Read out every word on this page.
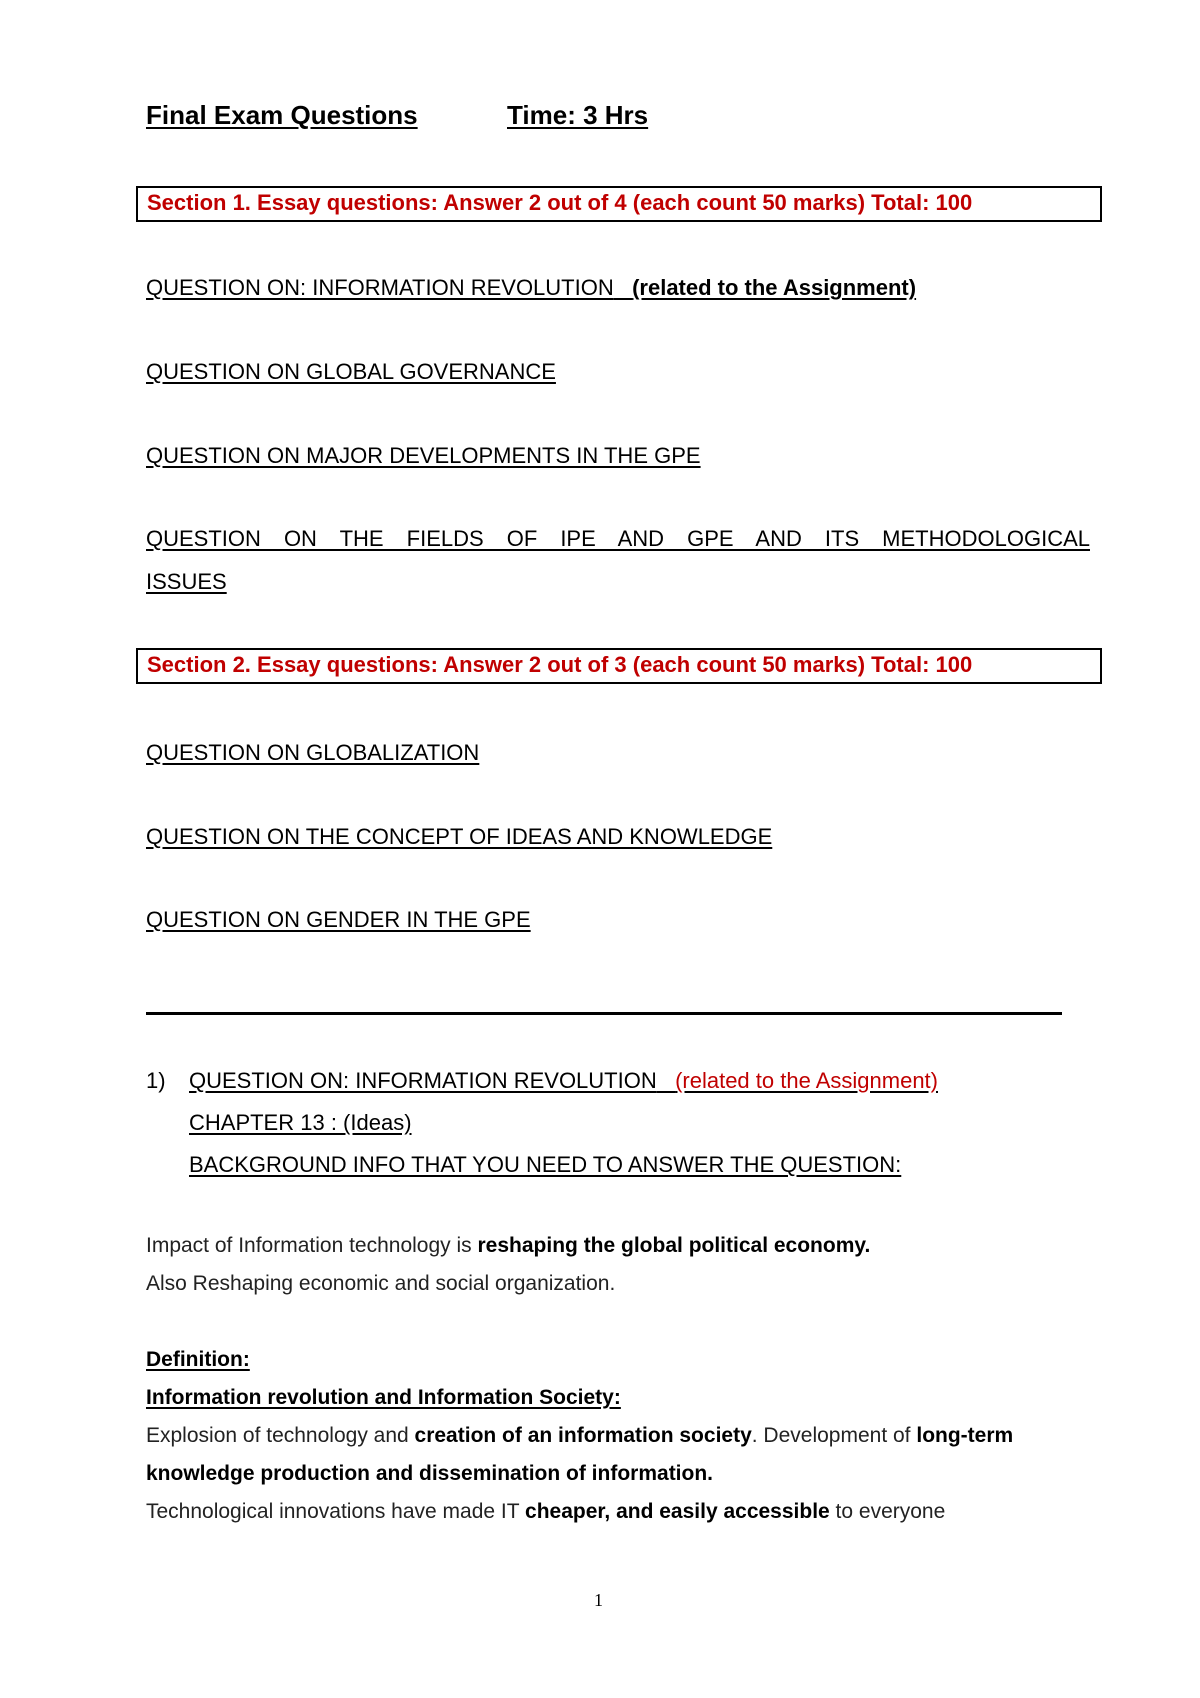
Final Exam Questions	Time: 3 Hrs
Section 1. Essay questions: Answer 2 out of 4 (each count 50 marks) Total: 100
QUESTION ON: INFORMATION REVOLUTION (related to the Assignment)
QUESTION ON GLOBAL GOVERNANCE
QUESTION ON MAJOR DEVELOPMENTS IN THE GPE
QUESTION ON THE FIELDS OF IPE AND GPE AND ITS METHODOLOGICAL
ISSUES
Section 2. Essay questions: Answer 2 out of 3 (each count 50 marks) Total: 100
QUESTION ON GLOBALIZATION
QUESTION ON THE CONCEPT OF IDEAS AND KNOWLEDGE
QUESTION ON GENDER IN THE GPE
1) QUESTION ON: INFORMATION REVOLUTION (related to the Assignment)
CHAPTER 13 : (Ideas)
BACKGROUND INFO THAT YOU NEED TO ANSWER THE QUESTION:
Impact of Information technology is reshaping the global political economy.
Also Reshaping economic and social organization.
Definition:
Information revolution and Information Society:
Explosion of technology and creation of an information society. Development of long-term
knowledge production and dissemination of information.
Technological innovations have made IT cheaper, and easily accessible to everyone
1
